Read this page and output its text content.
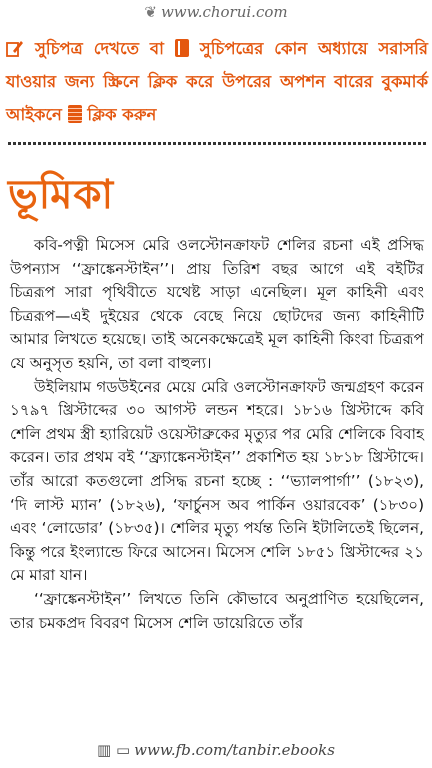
❦ www.chorui.com
সুচিপত্র দেখতে বা সুচিপত্রের কোন অধ্যায়ে সরাসরি যাওয়ার জন্য স্ক্রিনে ক্লিক করে উপরের অপশন বারের বুকমার্ক আইকনে ক্লিক করুন
ভূমিকা

কবি-পত্নী মিসেস মেরি ওলস্টোনক্রাফট শেলির রচনা এই প্রসিদ্ধ উপন্যাস ‘‘ফ্রাঙ্কেনস্টাইন’’। প্রায় তিরিশ বছর আগে এই বইটির চিত্ররূপ সারা পৃথিবীতে যথেষ্ট সাড়া এনেছিল। মূল কাহিনী এবং চিত্ররূপ—এই দুইয়ের থেকে বেছে নিয়ে ছোটদের জন্য কাহিনীটি আমার লিখতে হয়েছে। তাই অনেকক্ষেত্রেই মূল কাহিনী কিংবা চিত্ররূপ যে অনুসৃত হয়নি, তা বলা বাহুল্য।

উইলিয়াম গডউইনের মেয়ে মেরি ওলস্টোনক্রাফট জন্মগ্রহণ করেন ১৭৯৭ খ্রিস্টাব্দের ৩০ আগস্ট লন্ডন শহরে। ১৮১৬ খ্রিস্টাব্দে কবি শেলি প্রথম স্ত্রী হ্যারিয়েট ওয়েস্টাব্রুকের মৃত্যুর পর মেরি শেলিকে বিবাহ করেন। তার প্রথম বই ‘‘ফ্র্যাঙ্কেনস্টাইন’’ প্রকাশিত হয় ১৮১৮ খ্রিস্টাব্দে। তাঁর আরো কতগুলো প্রসিদ্ধ রচনা হচ্ছে : ‘‘ভ্যালপার্গা’’ (১৮২৩), ‘দি লাস্ট ম্যান’ (১৮২৬), ‘ফার্চুনস অব পার্কিন ওয়ারবেক’ (১৮৩০) এবং ‘লোডোর’ (১৮৩৫)। শেলির মৃত্যু পর্যন্ত তিনি ইটালিতেই ছিলেন, কিন্তু পরে ইংল্যান্ডে ফিরে আসেন। মিসেস শেলি ১৮৫১ খ্রিস্টাব্দের ২১ মে মারা যান।

‘‘ফ্রাঙ্কেনস্টাইন’’ লিখতে তিনি কৌভাবে অনুপ্রাণিত হয়েছিলেন, তার চমকপ্রদ বিবরণ মিসেস শেলি ডায়েরিতে তাঁর

▥ ▭ www.fb.com/tanbir.ebooks
